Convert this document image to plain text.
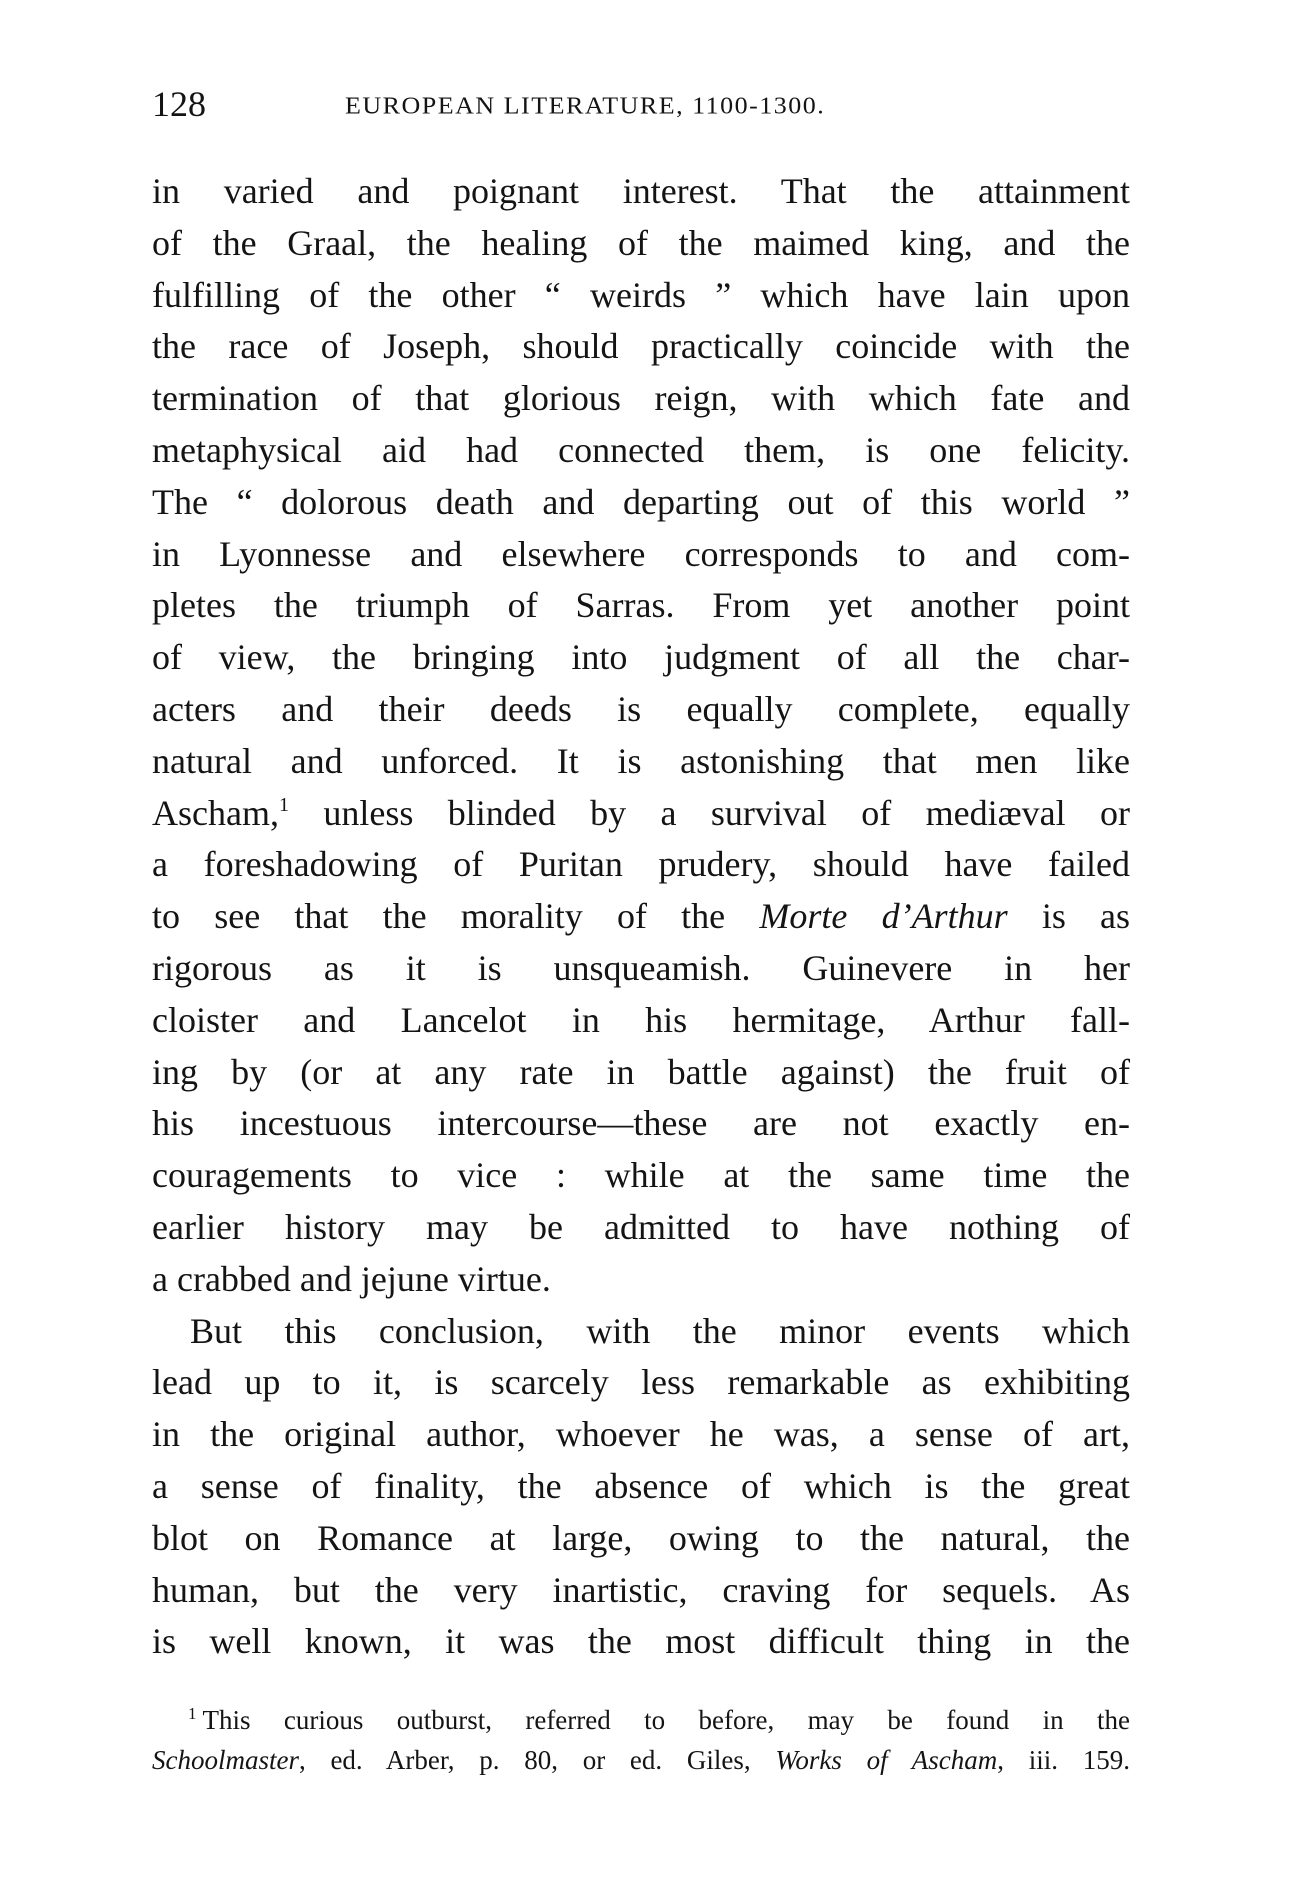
128	EUROPEAN LITERATURE, 1100-1300.
in varied and poignant interest. That the attainment
of the Graal, the healing of the maimed king, and the
fulfilling of the other “ weirds ” which have lain upon
the race of Joseph, should practically coincide with the
termination of that glorious reign, with which fate and
metaphysical aid had connected them, is one felicity.
The “ dolorous death and departing out of this world ”
in Lyonnesse and elsewhere corresponds to and com-
pletes the triumph of Sarras. From yet another point
of view, the bringing into judgment of all the char-
acters and their deeds is equally complete, equally
natural and unforced. It is astonishing that men like
Ascham,$^1$ unless blinded by a survival of mediæval or
a foreshadowing of Puritan prudery, should have failed
to see that the morality of the Morte d’Arthur is as
rigorous as it is unsqueamish. Guinevere in her
cloister and Lancelot in his hermitage, Arthur fall-
ing by (or at any rate in battle against) the fruit of
his incestuous intercourse—these are not exactly en-
couragements to vice : while at the same time the
earlier history may be admitted to have nothing of
a crabbed and jejune virtue.
But this conclusion, with the minor events which
lead up to it, is scarcely less remarkable as exhibiting
in the original author, whoever he was, a sense of art,
a sense of finality, the absence of which is the great
blot on Romance at large, owing to the natural, the
human, but the very inartistic, craving for sequels. As
is well known, it was the most difficult thing in the
$^1$ This curious outburst, referred to before, may be found in the
Schoolmaster, ed. Arber, p. 80, or ed. Giles, Works of Ascham, iii. 159.
